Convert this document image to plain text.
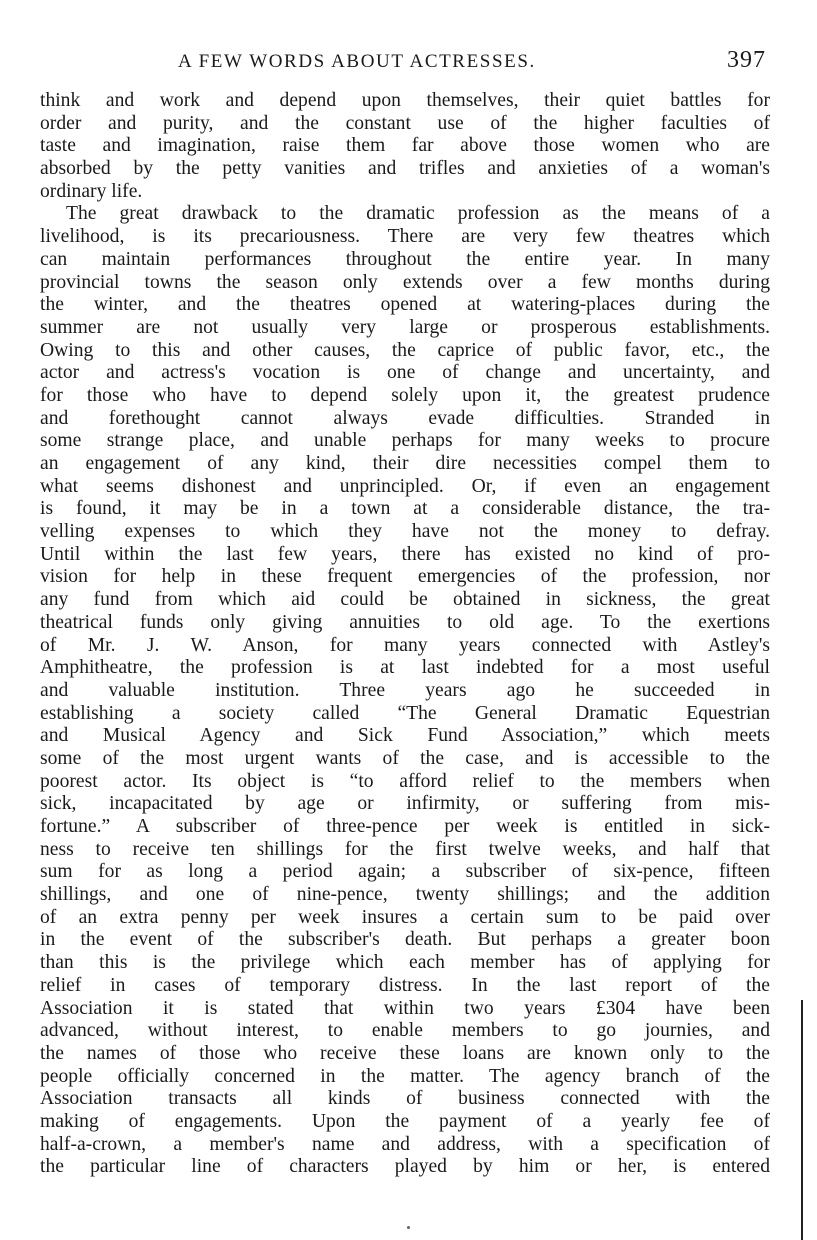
A FEW WORDS ABOUT ACTRESSES.	397
think and work and depend upon themselves, their quiet battles for
order and purity, and the constant use of the higher faculties of
taste and imagination, raise them far above those women who are
absorbed by the petty vanities and trifles and anxieties of a woman's
ordinary life.
The great drawback to the dramatic profession as the means of a
livelihood, is its precariousness. There are very few theatres which
can maintain performances throughout the entire year. In many
provincial towns the season only extends over a few months during
the winter, and the theatres opened at watering-places during the
summer are not usually very large or prosperous establishments.
Owing to this and other causes, the caprice of public favor, etc., the
actor and actress's vocation is one of change and uncertainty, and
for those who have to depend solely upon it, the greatest prudence
and forethought cannot always evade difficulties. Stranded in
some strange place, and unable perhaps for many weeks to procure
an engagement of any kind, their dire necessities compel them to
what seems dishonest and unprincipled. Or, if even an engagement
is found, it may be in a town at a considerable distance, the tra-
velling expenses to which they have not the money to defray.
Until within the last few years, there has existed no kind of pro-
vision for help in these frequent emergencies of the profession, nor
any fund from which aid could be obtained in sickness, the great
theatrical funds only giving annuities to old age. To the exertions
of Mr. J. W. Anson, for many years connected with Astley's
Amphitheatre, the profession is at last indebted for a most useful
and valuable institution. Three years ago he succeeded in
establishing a society called “The General Dramatic Equestrian
and Musical Agency and Sick Fund Association,” which meets
some of the most urgent wants of the case, and is accessible to the
poorest actor. Its object is “to afford relief to the members when
sick, incapacitated by age or infirmity, or suffering from mis-
fortune.” A subscriber of three-pence per week is entitled in sick-
ness to receive ten shillings for the first twelve weeks, and half that
sum for as long a period again; a subscriber of six-pence, fifteen
shillings, and one of nine-pence, twenty shillings; and the addition
of an extra penny per week insures a certain sum to be paid over
in the event of the subscriber's death. But perhaps a greater boon
than this is the privilege which each member has of applying for
relief in cases of temporary distress. In the last report of the
Association it is stated that within two years £304 have been
advanced, without interest, to enable members to go journies, and
the names of those who receive these loans are known only to the
people officially concerned in the matter. The agency branch of the
Association transacts all kinds of business connected with the
making of engagements. Upon the payment of a yearly fee of
half-a-crown, a member's name and address, with a specification of
the particular line of characters played by him or her, is entered
